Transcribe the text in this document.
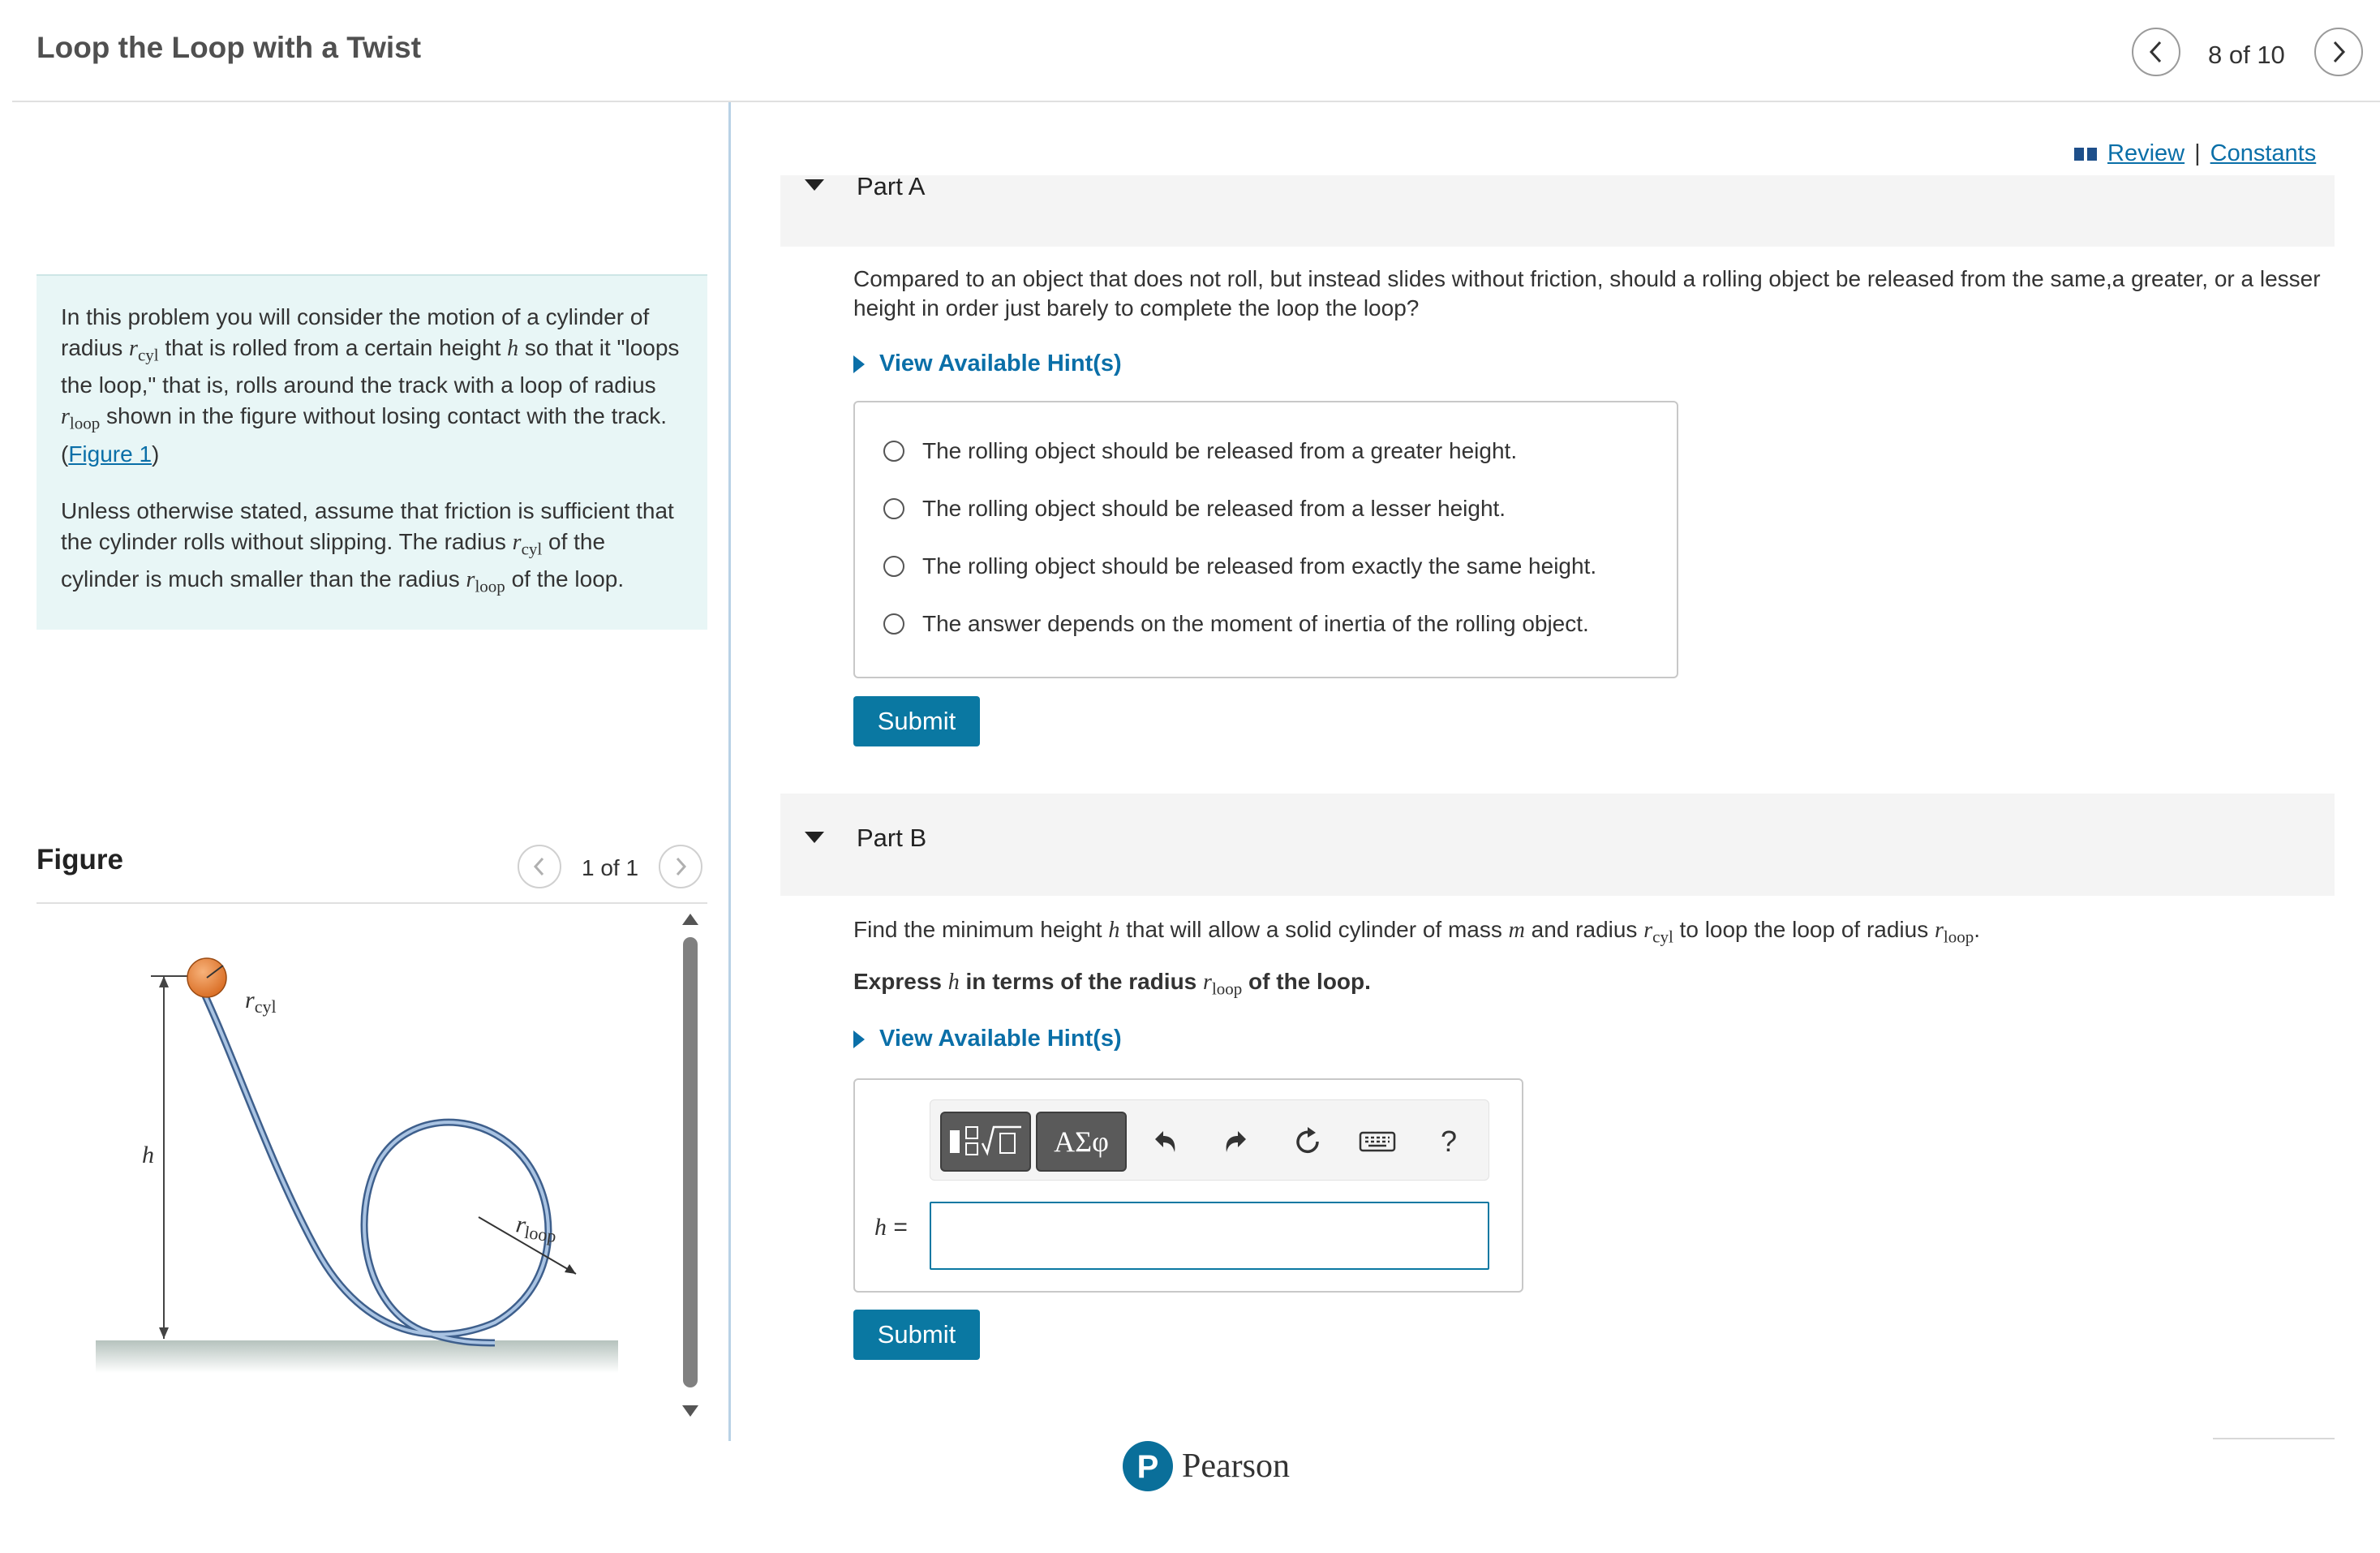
Loop the Loop with a Twist	8 of 10

In this problem you will consider the motion of a cylinder of radius $r_{cyl}$ that is rolled from a certain height h so that it "loops the loop," that is, rolls around the track with a loop of radius $r_{loop}$ shown in the figure without losing contact with the track. (Figure 1)

Unless otherwise stated, assume that friction is sufficient that the cylinder rolls without slipping. The radius $r_{cyl}$ of the cylinder is much smaller than the radius $r_{loop}$ of the loop.

Figure	1 of 1
$r_{cyl}$
h
$r_{loop}$
Review | Constants
Part A
Compared to an object that does not roll, but instead slides without friction, should a rolling object be released from the same,a greater, or a lesser height in order just barely to complete the loop the loop?
View Available Hint(s)
The rolling object should be released from a greater height.
The rolling object should be released from a lesser height.
The rolling object should be released from exactly the same height.
The answer depends on the moment of inertia of the rolling object.
Submit
Part B
Find the minimum height h that will allow a solid cylinder of mass m and radius $r_{cyl}$ to loop the loop of radius $r_{loop}$.
Express h in terms of the radius $r_{loop}$ of the loop.
View Available Hint(s)
ΑΣφ	?
h =
Submit
P Pearson
